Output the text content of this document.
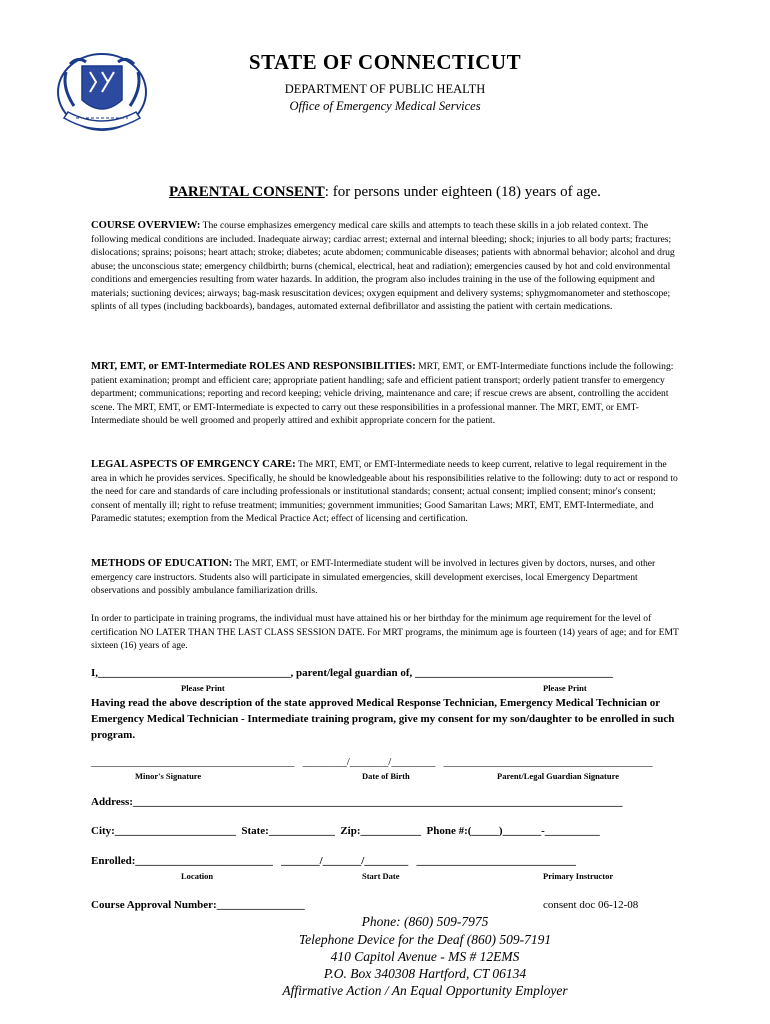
STATE OF CONNECTICUT
DEPARTMENT OF PUBLIC HEALTH
Office of Emergency Medical Services
PARENTAL CONSENT: for persons under eighteen (18) years of age.
COURSE OVERVIEW: The course emphasizes emergency medical care skills and attempts to teach these skills in a job related context. The following medical conditions are included. Inadequate airway; cardiac arrest; external and internal bleeding; shock; injuries to all body parts; fractures; dislocations; sprains; poisons; heart attach; stroke; diabetes; acute abdomen; communicable diseases; patients with abnormal behavior; alcohol and drug abuse; the unconscious state; emergency childbirth; burns (chemical, electrical, heat and radiation); emergencies caused by hot and cold environmental conditions and emergencies resulting from water hazards. In addition, the program also includes training in the use of the following equipment and materials; suctioning devices; airways; bag-mask resuscitation devices; oxygen equipment and delivery systems; sphygmomanometer and stethoscope; splints of all types (including backboards), bandages, automated external defibrillator and assisting the patient with certain medications.
MRT, EMT, or EMT-Intermediate ROLES AND RESPONSIBILITIES: MRT, EMT, or EMT-Intermediate functions include the following: patient examination; prompt and efficient care; appropriate patient handling; safe and efficient patient transport; orderly patient transfer to emergency department; communications; reporting and record keeping; vehicle driving, maintenance and care; if rescue crews are absent, controlling the accident scene. The MRT, EMT, or EMT-Intermediate is expected to carry out these responsibilities in a professional manner. The MRT, EMT, or EMT-Intermediate should be well groomed and properly attired and exhibit appropriate concern for the patient.
LEGAL ASPECTS OF EMRGENCY CARE: The MRT, EMT, or EMT-Intermediate needs to keep current, relative to legal requirement in the area in which he provides services. Specifically, he should be knowledgeable about his responsibilities relative to the following: duty to act or respond to the need for care and standards of care including professionals or institutional standards; consent; actual consent; implied consent; minor's consent; consent of mentally ill; right to refuse treatment; immunities; government immunities; Good Samaritan Laws; MRT, EMT, EMT-Intermediate, and Paramedic statutes; exemption from the Medical Practice Act; effect of licensing and certification.
METHODS OF EDUCATION: The MRT, EMT, or EMT-Intermediate student will be involved in lectures given by doctors, nurses, and other emergency care instructors. Students also will participate in simulated emergencies, skill development exercises, local Emergency Department observations and possibly ambulance familiarization drills.
In order to participate in training programs, the individual must have attained his or her birthday for the minimum age requirement for the level of certification NO LATER THAN THE LAST CLASS SESSION DATE. For MRT programs, the minimum age is fourteen (14) years of age; and for EMT sixteen (16) years of age.
I,___________________________________, parent/legal guardian of, ____________________________________
Please Print	Please Print
Having read the above description of the state approved Medical Response Technician, Emergency Medical Technician or Emergency Medical Technician - Intermediate training program, give my consent for my son/daughter to be enrolled in such program.
_____________________________________   ________/_______/________   ______________________________________
Minor's Signature	Date of Birth	Parent/Legal Guardian Signature
Address:_________________________________________________________________________________________
City:______________________  State:____________  Zip:___________  Phone #:(_____)_______-__________
Enrolled:_________________________   _______/_______/________   _____________________________
Location	Start Date	Primary Instructor
Course Approval Number:________________	consent doc 06-12-08
Phone: (860) 509-7975
Telephone Device for the Deaf (860) 509-7191
410 Capitol Avenue - MS # 12EMS
P.O. Box 340308 Hartford, CT 06134
Affirmative Action / An Equal Opportunity Employer
